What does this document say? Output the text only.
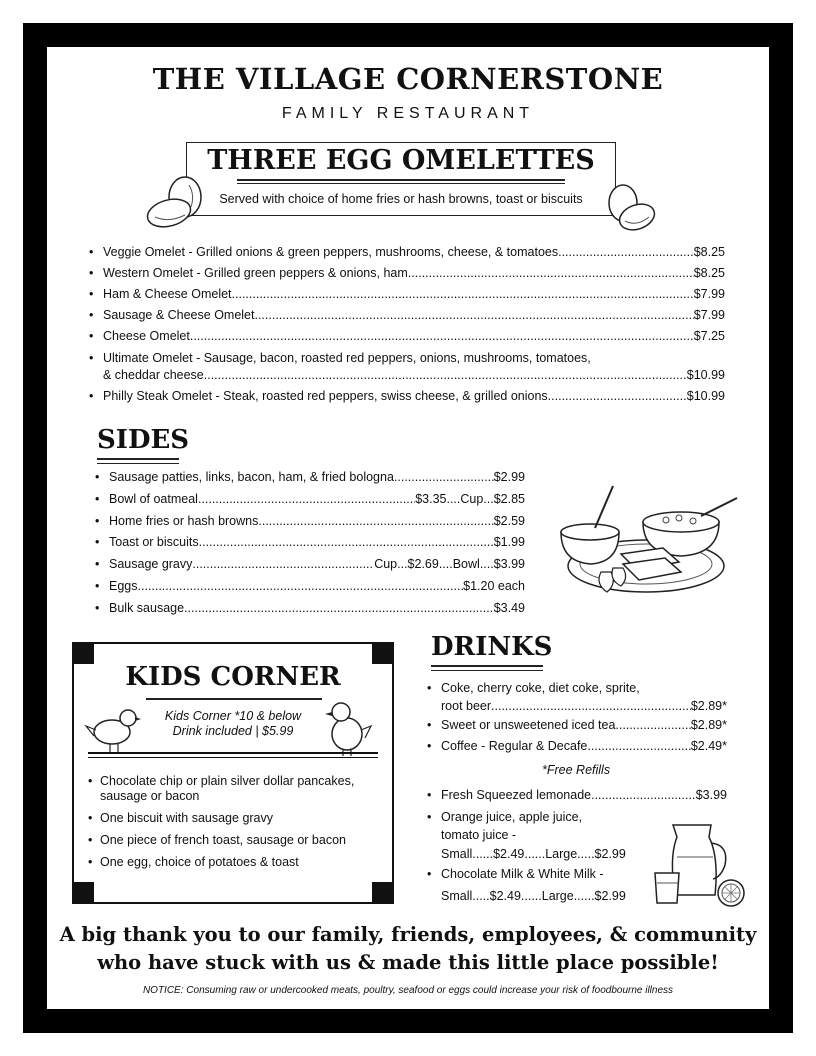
THE VILLAGE CORNERSTONE
FAMILY RESTAURANT
THREE EGG OMELETTES
Served with choice of home fries or hash browns, toast or biscuits
• Veggie Omelet - Grilled onions & green peppers, mushrooms, cheese, & tomatoes .....	$8.25
• Western Omelet - Grilled green peppers & onions, ham .....	$8.25
• Ham & Cheese Omelet .....	$7.99
• Sausage & Cheese Omelet .....	$7.99
• Cheese Omelet .....	$7.25
• Ultimate Omelet - Sausage, bacon, roasted red peppers, onions, mushrooms, tomatoes,
& cheddar cheese .....	$10.99
• Philly Steak Omelet - Steak, roasted red peppers, swiss cheese, & grilled onions .....	$10.99
SIDES
• Sausage patties, links, bacon, ham, & fried bologna .....	$2.99
• Bowl of oatmeal .....	$3.35....Cup...$2.85
• Home fries or hash browns .....	$2.59
• Toast or biscuits .....	$1.99
• Sausage gravy .....	Cup...$2.69....Bowl....$3.99
• Eggs .....	$1.20 each
• Bulk sausage .....	$3.49
KIDS CORNER
Kids Corner *10 & below
Drink included | $5.99
• Chocolate chip or plain silver dollar pancakes, sausage or bacon
• One biscuit with sausage gravy
• One piece of french toast, sausage or bacon
• One egg, choice of potatoes & toast
DRINKS
• Coke, cherry coke, diet coke, sprite,
root beer .....	$2.89*
• Sweet or unsweetened iced tea .....	$2.89*
• Coffee - Regular & Decafe .....	$2.49*
• Fresh Squeezed lemonade .....	$3.99
• Orange juice, apple juice,
tomato juice -
Small......$2.49......Large.....$2.99
• Chocolate Milk & White Milk -
Small.....$2.49......Large......$2.99
*Free Refills
A big thank you to our family, friends, employees, & community
who have stuck with us & made this little place possible!
NOTICE: Consuming raw or undercooked meats, poultry, seafood or eggs could increase your risk of foodbourne illness
